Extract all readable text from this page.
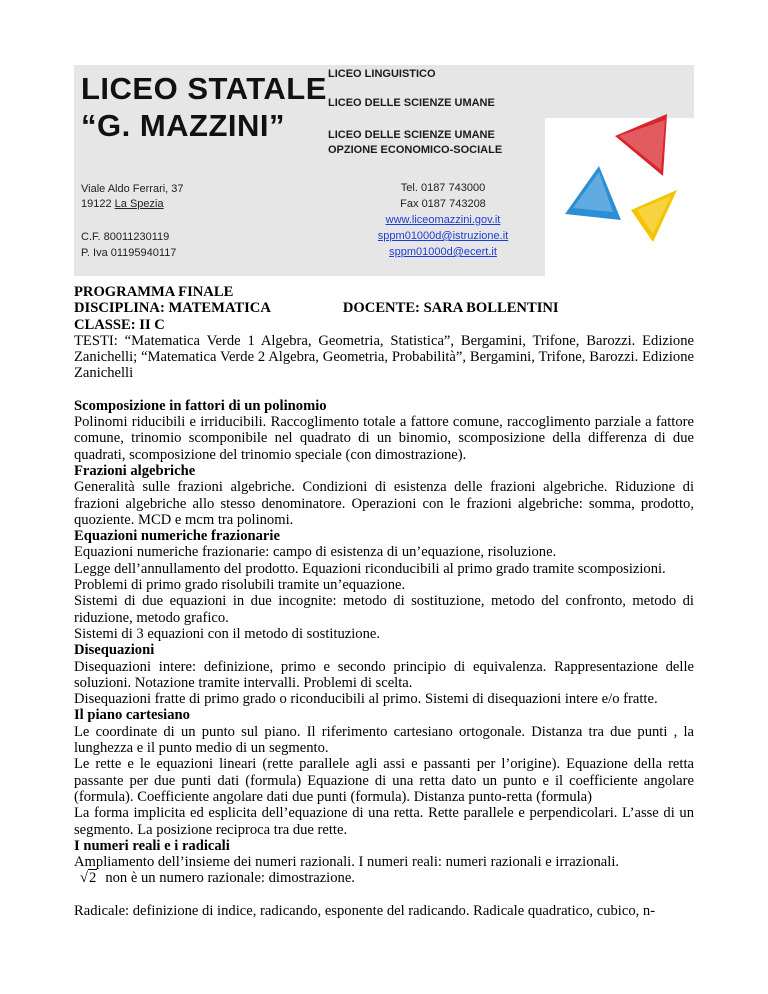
LICEO STATALE
“G. MAZZINI”
LICEO LINGUISTICO
LICEO DELLE SCIENZE UMANE
LICEO DELLE SCIENZE UMANE
OPZIONE ECONOMICO-SOCIALE
Viale Aldo Ferrari, 37
19122 La Spezia
C.F. 80011230119
P. Iva 01195940117
Tel. 0187 743000
Fax 0187 743208
www.liceomazzini.gov.it
sppm01000d@istruzione.it
sppm01000d@ecert.it

PROGRAMMA FINALE

DISCIPLINA: MATEMATICA	DOCENTE: SARA BOLLENTINI

CLASSE: II C

TESTI: “Matematica Verde 1 Algebra, Geometria, Statistica”, Bergamini, Trifone, Barozzi. Edizione Zanichelli; “Matematica Verde 2 Algebra, Geometria, Probabilità”, Bergamini, Trifone, Barozzi. Edizione Zanichelli

Scomposizione in fattori di un polinomio

Polinomi riducibili e irriducibili. Raccoglimento totale a fattore comune, raccoglimento parziale a fattore comune, trinomio scomponibile nel quadrato di un binomio, scomposizione della differenza di due quadrati, scomposizione del trinomio speciale (con dimostrazione).

Frazioni algebriche

Generalità sulle frazioni algebriche. Condizioni di esistenza delle frazioni algebriche. Riduzione di frazioni algebriche allo stesso denominatore. Operazioni con le frazioni algebriche: somma, prodotto, quoziente. MCD e mcm tra polinomi.

Equazioni numeriche frazionarie

Equazioni numeriche frazionarie: campo di esistenza di un’equazione, risoluzione.

Legge dell’annullamento del prodotto. Equazioni riconducibili al primo grado tramite scomposizioni.

Problemi di primo grado risolubili tramite un’equazione.

Sistemi di due equazioni in due incognite: metodo di sostituzione, metodo del confronto, metodo di riduzione, metodo grafico.

Sistemi di 3 equazioni con il metodo di sostituzione.

Disequazioni

Disequazioni intere: definizione, primo e secondo principio di equivalenza. Rappresentazione delle soluzioni. Notazione tramite intervalli. Problemi di scelta.

Disequazioni fratte di primo grado o riconducibili al primo. Sistemi di disequazioni intere e/o fratte.

Il piano cartesiano

Le coordinate di un punto sul piano. Il riferimento cartesiano ortogonale. Distanza tra due punti , la lunghezza e il punto medio di un segmento.

Le rette e le equazioni lineari (rette parallele agli assi e passanti per l’origine). Equazione della retta passante per due punti dati (formula) Equazione di una retta dato un punto e il coefficiente angolare (formula). Coefficiente angolare dati due punti (formula). Distanza punto-retta (formula)

La forma implicita ed esplicita dell’equazione di una retta. Rette parallele e perpendicolari. L’asse di un segmento. La posizione reciproca tra due rette.

I numeri reali e i radicali

Ampliamento dell’insieme dei numeri razionali. I numeri reali: numeri razionali e irrazionali.

√2 non è un numero razionale: dimostrazione.

Radicale: definizione di indice, radicando, esponente del radicando. Radicale quadratico, cubico, n-
